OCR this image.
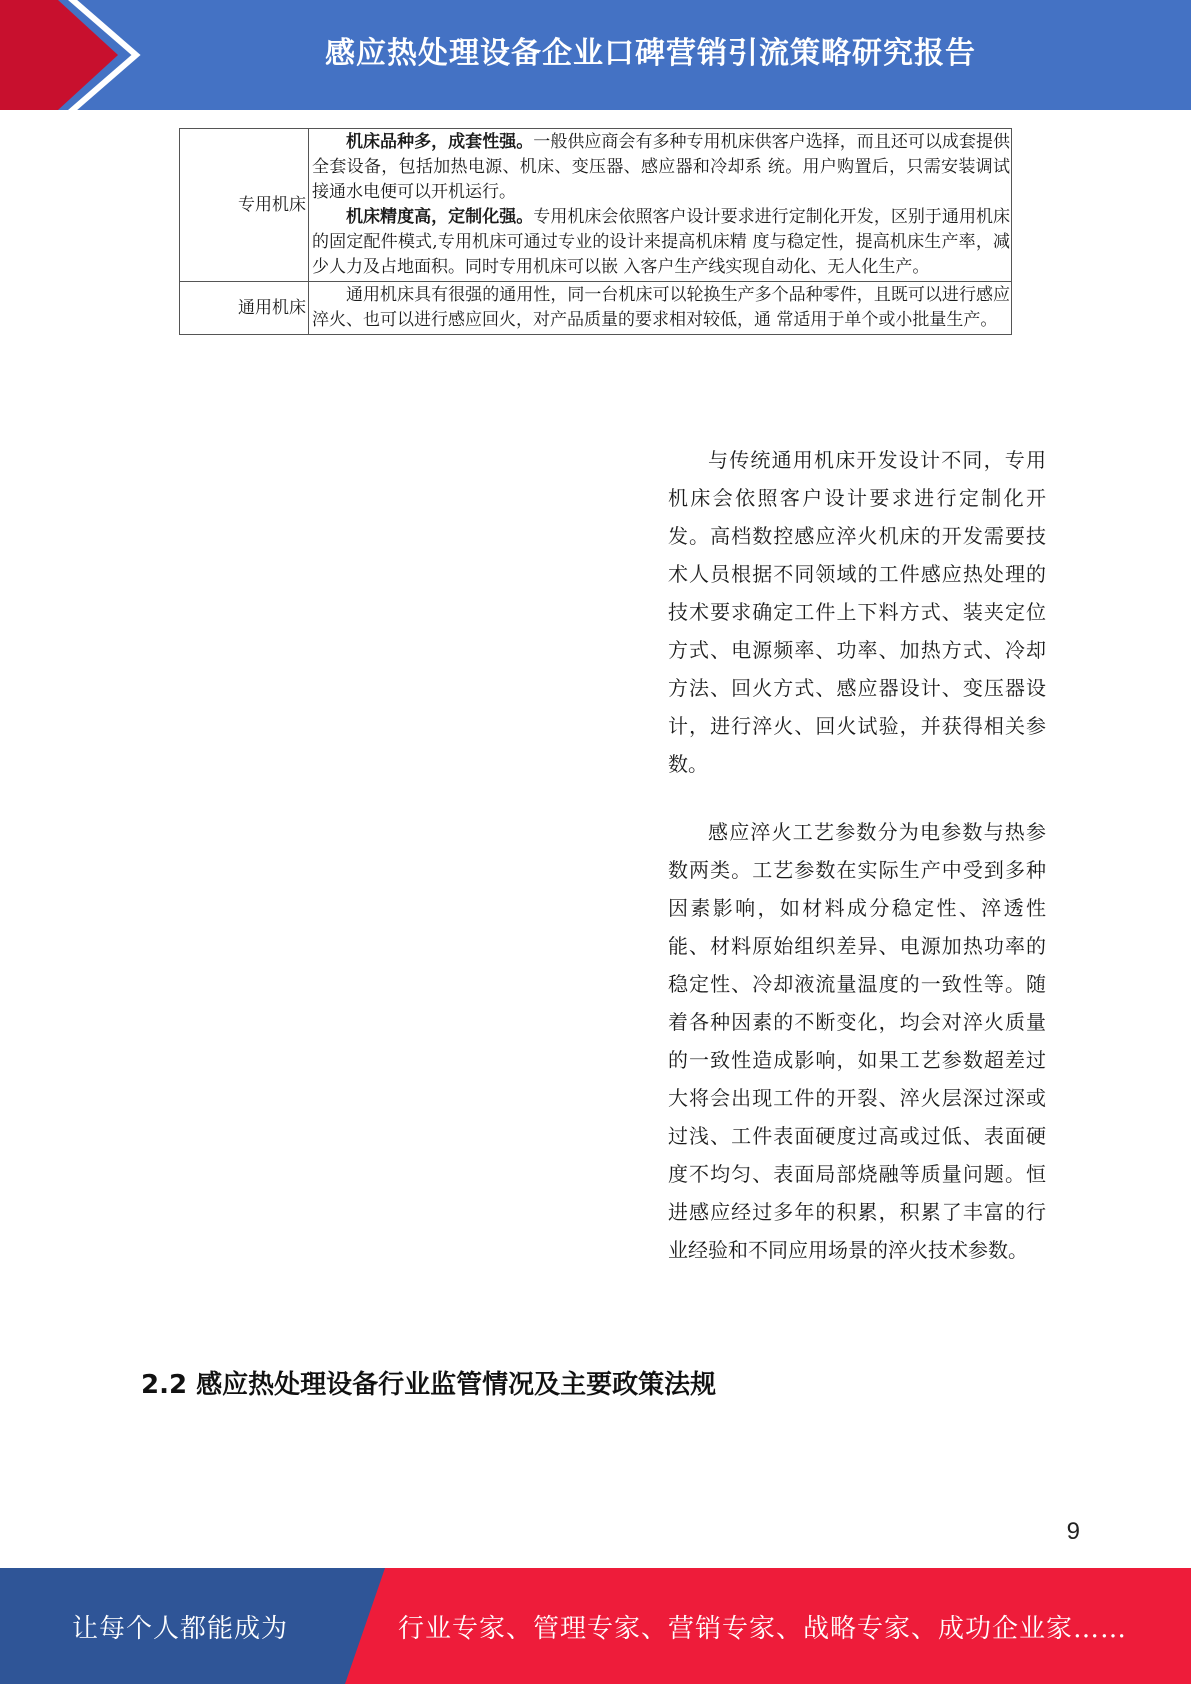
感应热处理设备企业口碑营销引流策略研究报告
专用机床	机床品种多，成套性强。一般供应商会有多种专用机床供客户选择，而且还可以成套提供全套设备，包括加热电源、机床、变压器、感应器和冷却系 统。用户购置后，只需安装调试接通水电便可以开机运行。

机床精度高，定制化强。专用机床会依照客户设计要求进行定制化开发，区别于通用机床的固定配件模式,专用机床可通过专业的设计来提高机床精 度与稳定性，提高机床生产率，减少人力及占地面积。同时专用机床可以嵌 入客户生产线实现自动化、无人化生产。

通用机床	通用机床具有很强的通用性，同一台机床可以轮换生产多个品种零件，且既可以进行感应淬火、也可以进行感应回火，对产品质量的要求相对较低，通 常适用于单个或小批量生产。

与传统通用机床开发设计不同，专用机床会依照客户设计要求进行定制化开发。高档数控感应淬火机床的开发需要技术人员根据不同领域的工件感应热处理的技术要求确定工件上下料方式、装夹定位方式、电源频率、功率、加热方式、冷却方法、回火方式、感应器设计、变压器设计，进行淬火、回火试验，并获得相关参数。

感应淬火工艺参数分为电参数与热参数两类。工艺参数在实际生产中受到多种因素影响，如材料成分稳定性、淬透性能、材料原始组织差异、电源加热功率的稳定性、冷却液流量温度的一致性等。随着各种因素的不断变化，均会对淬火质量的一致性造成影响，如果工艺参数超差过大将会出现工件的开裂、淬火层深过深或过浅、工件表面硬度过高或过低、表面硬度不均匀、表面局部烧融等质量问题。恒进感应经过多年的积累，积累了丰富的行业经验和不同应用场景的淬火技术参数。

2.2 感应热处理设备行业监管情况及主要政策法规
9
让每个人都能成为	行业专家、管理专家、营销专家、战略专家、成功企业家……
